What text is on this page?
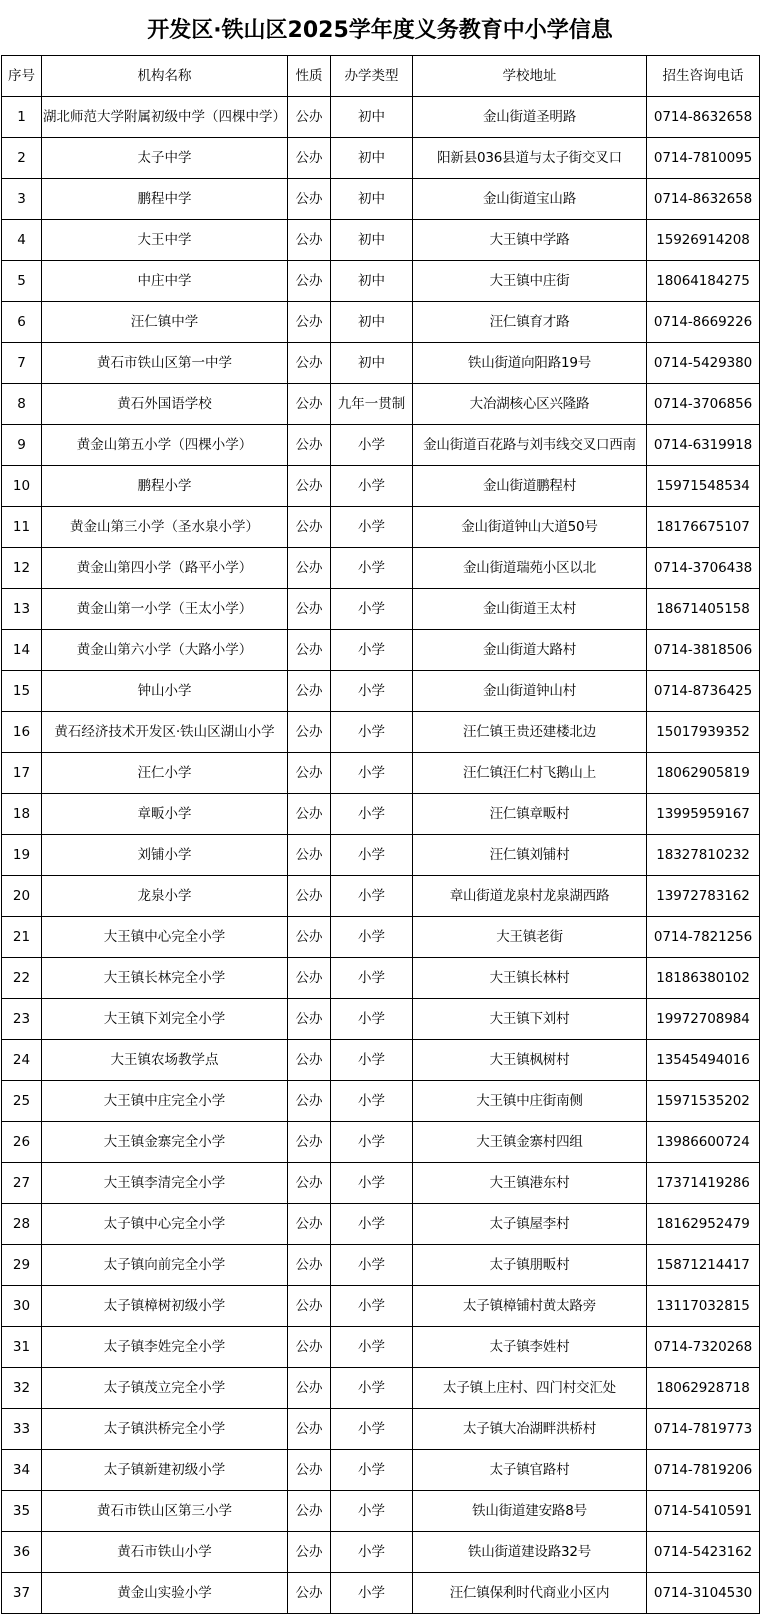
开发区·铁山区2025学年度义务教育中小学信息
序号	机构名称	性质	办学类型	学校地址	招生咨询电话
1	湖北师范大学附属初级中学（四棵中学）	公办	初中	金山街道圣明路	0714-8632658
2	太子中学	公办	初中	阳新县036县道与太子街交叉口	0714-7810095
3	鹏程中学	公办	初中	金山街道宝山路	0714-8632658
4	大王中学	公办	初中	大王镇中学路	15926914208
5	中庄中学	公办	初中	大王镇中庄街	18064184275
6	汪仁镇中学	公办	初中	汪仁镇育才路	0714-8669226
7	黄石市铁山区第一中学	公办	初中	铁山街道向阳路19号	0714-5429380
8	黄石外国语学校	公办	九年一贯制	大冶湖核心区兴隆路	0714-3706856
9	黄金山第五小学（四棵小学）	公办	小学	金山街道百花路与刘韦线交叉口西南	0714-6319918
10	鹏程小学	公办	小学	金山街道鹏程村	15971548534
11	黄金山第三小学（圣水泉小学）	公办	小学	金山街道钟山大道50号	18176675107
12	黄金山第四小学（路平小学）	公办	小学	金山街道瑞苑小区以北	0714-3706438
13	黄金山第一小学（王太小学）	公办	小学	金山街道王太村	18671405158
14	黄金山第六小学（大路小学）	公办	小学	金山街道大路村	0714-3818506
15	钟山小学	公办	小学	金山街道钟山村	0714-8736425
16	黄石经济技术开发区·铁山区湖山小学	公办	小学	汪仁镇王贵还建楼北边	15017939352
17	汪仁小学	公办	小学	汪仁镇汪仁村飞鹅山上	18062905819
18	章畈小学	公办	小学	汪仁镇章畈村	13995959167
19	刘铺小学	公办	小学	汪仁镇刘铺村	18327810232
20	龙泉小学	公办	小学	章山街道龙泉村龙泉湖西路	13972783162
21	大王镇中心完全小学	公办	小学	大王镇老街	0714-7821256
22	大王镇长林完全小学	公办	小学	大王镇长林村	18186380102
23	大王镇下刘完全小学	公办	小学	大王镇下刘村	19972708984
24	大王镇农场教学点	公办	小学	大王镇枫树村	13545494016
25	大王镇中庄完全小学	公办	小学	大王镇中庄街南侧	15971535202
26	大王镇金寨完全小学	公办	小学	大王镇金寨村四组	13986600724
27	大王镇李清完全小学	公办	小学	大王镇港东村	17371419286
28	太子镇中心完全小学	公办	小学	太子镇屋李村	18162952479
29	太子镇向前完全小学	公办	小学	太子镇朋畈村	15871214417
30	太子镇樟树初级小学	公办	小学	太子镇樟铺村黄太路旁	13117032815
31	太子镇李姓完全小学	公办	小学	太子镇李姓村	0714-7320268
32	太子镇茂立完全小学	公办	小学	太子镇上庄村、四门村交汇处	18062928718
33	太子镇洪桥完全小学	公办	小学	太子镇大冶湖畔洪桥村	0714-7819773
34	太子镇新建初级小学	公办	小学	太子镇官路村	0714-7819206
35	黄石市铁山区第三小学	公办	小学	铁山街道建安路8号	0714-5410591
36	黄石市铁山小学	公办	小学	铁山街道建设路32号	0714-5423162
37	黄金山实验小学	公办	小学	汪仁镇保利时代商业小区内	0714-3104530
